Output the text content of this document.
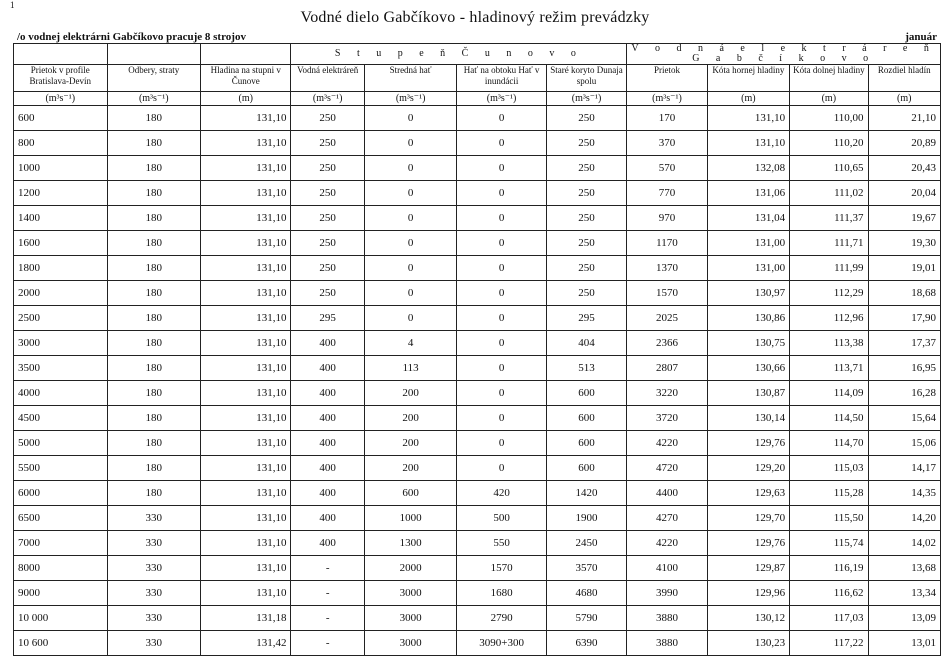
1
Vodné dielo Gabčíkovo - hladinový režim prevádzky
/o vodnej elektrárni Gabčíkovo pracuje 8 strojov	január
			S t u p e ň Č u n o v o				V o d n á e l e k t r á r e ň G a b č í k o v o			
Prietok v profile Bratislava-Devín	Odbery, straty	Hladina na stupni v Čunove	Vodná elektráreň	Stredná hať	Hať na obtoku Hať v inundácii	Staré koryto Dunaja spolu	Prietok	Kóta hornej hladiny	Kóta dolnej hladiny	Rozdiel hladín
(m³s⁻¹)	(m³s⁻¹)	(m)	(m³s⁻¹)	(m³s⁻¹)	(m³s⁻¹)	(m³s⁻¹)	(m³s⁻¹)	(m)	(m)	(m)
600	180	131,10	250	0	0	250	170	131,10	110,00	21,10
800	180	131,10	250	0	0	250	370	131,10	110,20	20,89
1000	180	131,10	250	0	0	250	570	132,08	110,65	20,43
1200	180	131,10	250	0	0	250	770	131,06	111,02	20,04
1400	180	131,10	250	0	0	250	970	131,04	111,37	19,67
1600	180	131,10	250	0	0	250	1170	131,00	111,71	19,30
1800	180	131,10	250	0	0	250	1370	131,00	111,99	19,01
2000	180	131,10	250	0	0	250	1570	130,97	112,29	18,68
2500	180	131,10	295	0	0	295	2025	130,86	112,96	17,90
3000	180	131,10	400	4	0	404	2366	130,75	113,38	17,37
3500	180	131,10	400	113	0	513	2807	130,66	113,71	16,95
4000	180	131,10	400	200	0	600	3220	130,87	114,09	16,28
4500	180	131,10	400	200	0	600	3720	130,14	114,50	15,64
5000	180	131,10	400	200	0	600	4220	129,76	114,70	15,06
5500	180	131,10	400	200	0	600	4720	129,20	115,03	14,17
6000	180	131,10	400	600	420	1420	4400	129,63	115,28	14,35
6500	330	131,10	400	1000	500	1900	4270	129,70	115,50	14,20
7000	330	131,10	400	1300	550	2450	4220	129,76	115,74	14,02
8000	330	131,10	-	2000	1570	3570	4100	129,87	116,19	13,68
9000	330	131,10	-	3000	1680	4680	3990	129,96	116,62	13,34
10 000	330	131,18	-	3000	2790	5790	3880	130,12	117,03	13,09
10 600	330	131,42	-	3000	3090+300	6390	3880	130,23	117,22	13,01
